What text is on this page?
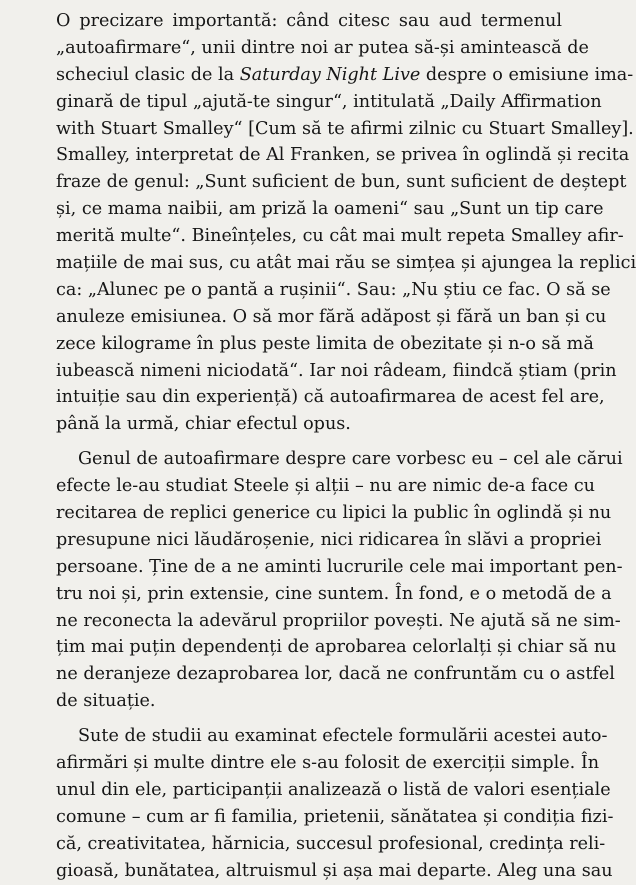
O precizare importantă: când citesc sau aud termenul
„autoafirmare“, unii dintre noi ar putea să-și amintească de
scheciul clasic de la Saturday Night Live despre o emisiune ima-
ginară de tipul „ajută-te singur“, intitulată „Daily Affirmation
with Stuart Smalley“ [Cum să te afirmi zilnic cu Stuart Smalley].
Smalley, interpretat de Al Franken, se privea în oglindă și recita
fraze de genul: „Sunt suficient de bun, sunt suficient de deștept
și, ce mama naibii, am priză la oameni“ sau „Sunt un tip care
merită multe“. Bineînțeles, cu cât mai mult repeta Smalley afir-
mațiile de mai sus, cu atât mai rău se simțea și ajungea la replici
ca: „Alunec pe o pantă a rușinii“. Sau: „Nu știu ce fac. O să se
anuleze emisiunea. O să mor fără adăpost și fără un ban și cu
zece kilograme în plus peste limita de obezitate și n-o să mă
iubească nimeni niciodată“. Iar noi râdeam, fiindcă știam (prin
intuiție sau din experiență) că autoafirmarea de acest fel are,
până la urmă, chiar efectul opus.
Genul de autoafirmare despre care vorbesc eu – cel ale cărui
efecte le-au studiat Steele și alții – nu are nimic de-a face cu
recitarea de replici generice cu lipici la public în oglindă și nu
presupune nici lăudăroșenie, nici ridicarea în slăvi a propriei
persoane. Ține de a ne aminti lucrurile cele mai important pen-
tru noi și, prin extensie, cine suntem. În fond, e o metodă de a
ne reconecta la adevărul propriilor povești. Ne ajută să ne sim-
țim mai puțin dependenți de aprobarea celorlalți și chiar să nu
ne deranjeze dezaprobarea lor, dacă ne confruntăm cu o astfel
de situație.
Sute de studii au examinat efectele formulării acestei auto-
afirmări și multe dintre ele s-au folosit de exerciții simple. În
unul din ele, participanții analizează o listă de valori esențiale
comune – cum ar fi familia, prietenii, sănătatea și condiția fizi-
că, creativitatea, hărnicia, succesul profesional, credința reli-
gioasă, bunătatea, altruismul și așa mai departe. Aleg una sau
